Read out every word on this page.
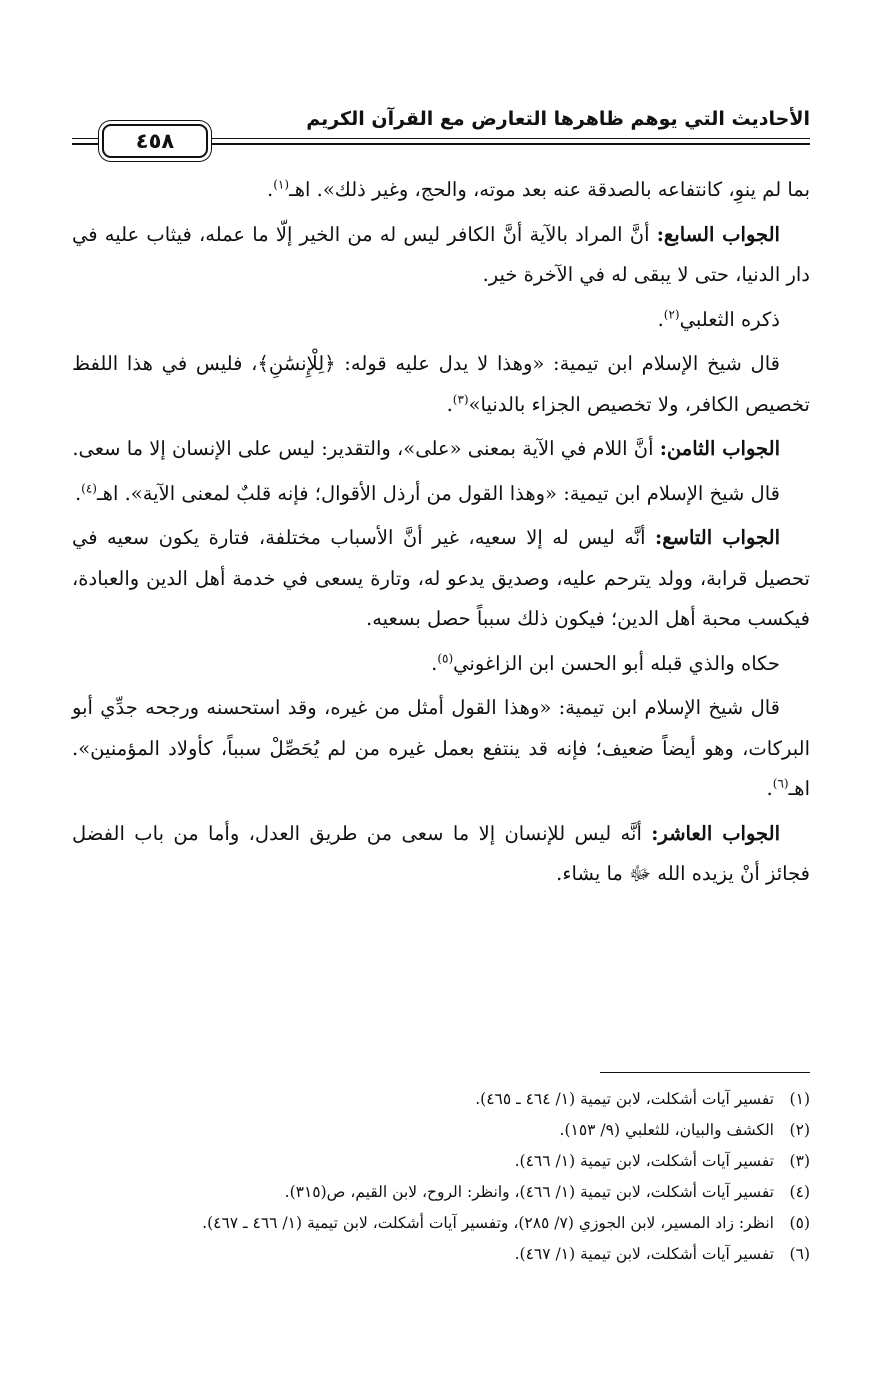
الأحاديث التي يوهم ظاهرها التعارض مع القرآن الكريم
٤٥٨

بما لم ينوِ، كانتفاعه بالصدقة عنه بعد موته، والحج، وغير ذلك». اهـ$^{(١)}$.

الجواب السابع: أنَّ المراد بالآية أنَّ الكافر ليس له من الخير إلّا ما عمله، فيثاب عليه في دار الدنيا، حتى لا يبقى له في الآخرة خير.

ذكره الثعلبي$^{(٢)}$.

قال شيخ الإسلام ابن تيمية: «وهذا لا يدل عليه قوله: ﴿لِلْإِنسَٰنِ﴾، فليس في هذا اللفظ تخصيص الكافر، ولا تخصيص الجزاء بالدنيا»$^{(٣)}$.

الجواب الثامن: أنَّ اللام في الآية بمعنى «على»، والتقدير: ليس على الإنسان إلا ما سعى.

قال شيخ الإسلام ابن تيمية: «وهذا القول من أرذل الأقوال؛ فإنه قلبٌ لمعنى الآية». اهـ$^{(٤)}$.

الجواب التاسع: أنَّه ليس له إلا سعيه، غير أنَّ الأسباب مختلفة، فتارة يكون سعيه في تحصيل قرابة، وولد يترحم عليه، وصديق يدعو له، وتارة يسعى في خدمة أهل الدين والعبادة، فيكسب محبة أهل الدين؛ فيكون ذلك سبباً حصل بسعيه.

حكاه والذي قبله أبو الحسن ابن الزاغوني$^{(٥)}$.

قال شيخ الإسلام ابن تيمية: «وهذا القول أمثل من غيره، وقد استحسنه ورجحه جدِّي أبو البركات، وهو أيضاً ضعيف؛ فإنه قد ينتفع بعمل غيره من لم يُحَصِّلْ سبباً، كأولاد المؤمنين». اهـ$^{(٦)}$.

الجواب العاشر: أنَّه ليس للإنسان إلا ما سعى من طريق العدل، وأما من باب الفضل فجائز أنْ يزيده الله ﷻ ما يشاء.

(١)
تفسير آيات أشكلت، لابن تيمية (١/ ٤٦٤ ـ ٤٦٥).
(٢)
الكشف والبيان، للثعلبي (٩/ ١٥٣).
(٣)
تفسير آيات أشكلت، لابن تيمية (١/ ٤٦٦).
(٤)
تفسير آيات أشكلت، لابن تيمية (١/ ٤٦٦)، وانظر: الروح، لابن القيم، ص(٣١٥).
(٥)
انظر: زاد المسير، لابن الجوزي (٧/ ٢٨٥)، وتفسير آيات أشكلت، لابن تيمية (١/ ٤٦٦ ـ ٤٦٧).
(٦)
تفسير آيات أشكلت، لابن تيمية (١/ ٤٦٧).
